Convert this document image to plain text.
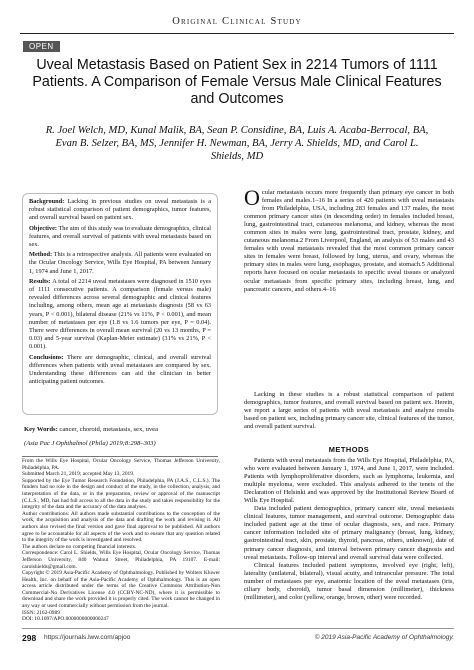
Original Clinical Study
OPEN
Uveal Metastasis Based on Patient Sex in 2214 Tumors of 1111 Patients. A Comparison of Female Versus Male Clinical Features and Outcomes
R. Joel Welch, MD, Kunal Malik, BA, Sean P. Considine, BA, Luis A. Acaba-Berrocal, BA, Evan B. Selzer, BA, MS, Jennifer H. Newman, BA, Jerry A. Shields, MD, and Carol L. Shields, MD

Background: Lacking in previous studies on uveal metastasis is a robust statistical comparison of patient demographics, tumor features, and overall survival based on patient sex.

Objective: The aim of this study was to evaluate demographics, clinical features, and overall survival of patients with uveal metastasis based on sex.

Method: This is a retrospective analysis. All patients were evaluated on the Ocular Oncology Service, Wills Eye Hospital, PA between January 1, 1974 and June 1, 2017.

Results: A total of 2214 uveal metastases were diagnosed in 1510 eyes of 1111 consecutive patients. A comparison (female versus male) revealed differences across several demographic and clinical features including, among others, mean age at metastasis diagnosis (58 vs 63 years, P < 0.001), bilateral disease (21% vs 11%, P < 0.001), and mean number of metastases per eye (1.8 vs 1.6 tumors per eye, P = 0.04). There were differences in overall mean survival (20 vs 13 months, P = 0.03) and 5-year survival (Kaplan-Meier estimate) (31% vs 21%, P < 0.001).

Conclusions: There are demographic, clinical, and overall survival differences when patients with uveal metastases are compared by sex. Understanding these differences can aid the clinician in better anticipating patient outcomes.

Key Words: cancer, choroid, metastasis, sex, uvea
(Asia Pac J Ophthalmol (Phila) 2019;8:298–303)

From the Wills Eye Hospital, Ocular Oncology Service, Thomas Jefferson University, Philadelphia, PA.

Submitted March 21, 2019; accepted May 13, 2019.

Supported by the Eye Tumor Research Foundation, Philadelphia, PA (J.A.S., C.L.S.). The funders had no role in the design and conduct of the study, in the collection, analysis, and interpretation of the data, or in the preparation, review or approval of the manuscript (C.L.S., MD, has had full access to all the data in the study and takes responsibility for the integrity of the data and the accuracy of the data analyses.

Author contributions: All authors made substantial contributions to the conception of the work, the acquisition and analysis of the data and drafting the work and revising it. All authors also revised the final version and gave final approval to be published. All authors agree to be accountable for all aspects of the work and to ensure that any question related to the integrity of the work is investigated and resolved.

The authors declare no competing financial interests.

Correspondence: Carol L. Shields, Wills Eye Hospital, Ocular Oncology Service, Thomas Jefferson University, 840 Walnut Street, Philadelphia, PA 19107. E-mail: carolshields@gmail.com.

Copyright © 2019 Asia-Pacific Academy of Ophthalmology. Published by Wolters Kluwer Health, Inc. on behalf of the Asia-Pacific Academy of Ophthalmology. This is an open access article distributed under the terms of the Creative Commons Attribution-Non Commercial-No Derivatives License 4.0 (CCBY-NC-ND), where it is permissible to download and share the work provided it is properly cited. The work cannot be changed in any way or used commercially without permission from the journal.

ISSN: 2162-0989

DOI: 10.1097/APO.0000000000000247

Ocular metastasis occurs more frequently than primary eye cancer in both females and males.1–16 In a series of 420 patients with uveal metastasis from Philadelphia, USA, including 283 females and 137 males, the most common primary cancer sites (in descending order) in females included breast, lung, gastrointestinal tract, cutaneous melanoma, and kidney, whereas the most common sites in males were lung, gastrointestinal tract, prostate, kidney, and cutaneous melanoma.2 From Liverpool, England, an analysis of 53 males and 43 females with uveal metastasis revealed that the most common primary cancer sites in females were breast, followed by lung, uterus, and ovary, whereas the primary sites in males were lung, esophagus, prostate, and stomach.5 Additional reports have focused on ocular metastasis to specific uveal tissues or analyzed ocular metastasis from specific primary sites, including breast, lung, and pancreatic cancers, and others.4–16

Lacking in these studies is a robust statistical comparison of patient demographics, tumor features, and overall survival based on patient sex. Herein, we report a large series of patients with uveal metastasis and analyze results based on patient sex, including primary cancer site, clinical features of the tumor, and overall patient survival.

METHODS

Patients with uveal metastasis from the Wills Eye Hospital, Philadelphia, PA, who were evaluated between January 1, 1974, and June 1, 2017, were included. Patients with lymphoproliferative disorders, such as lymphoma, leukemia, and multiple myeloma, were excluded. This analysis adhered to the tenets of the Declaration of Helsinki and was approved by the Institutional Review Board of Wills Eye Hospital.

Data included patient demographics, primary cancer site, uveal metastasis clinical features, tumor management, and survival outcome. Demographic data included patient age at the time of ocular diagnosis, sex, and race. Primary cancer information included site of primary malignancy (breast, lung, kidney, gastrointestinal tract, skin, prostate, thyroid, pancreas, others, unknown), date of primary cancer diagnosis, and interval between primary cancer diagnosis and uveal metastasis. Follow-up interval and overall survival data were collected.

Clinical features included patient symptoms, involved eye (right, left), laterality (unilateral, bilateral), visual acuity, and intraocular pressure. The total number of metastases per eye, anatomic location of the uveal metastases (iris, ciliary body, choroid), tumor basal dimension (millimeter), thickness (millimeter), and color (yellow, orange, brown, other) were recorded.

298 https://journals.lww.com/apjoo	© 2019 Asia-Pacific Academy of Ophthalmology.
